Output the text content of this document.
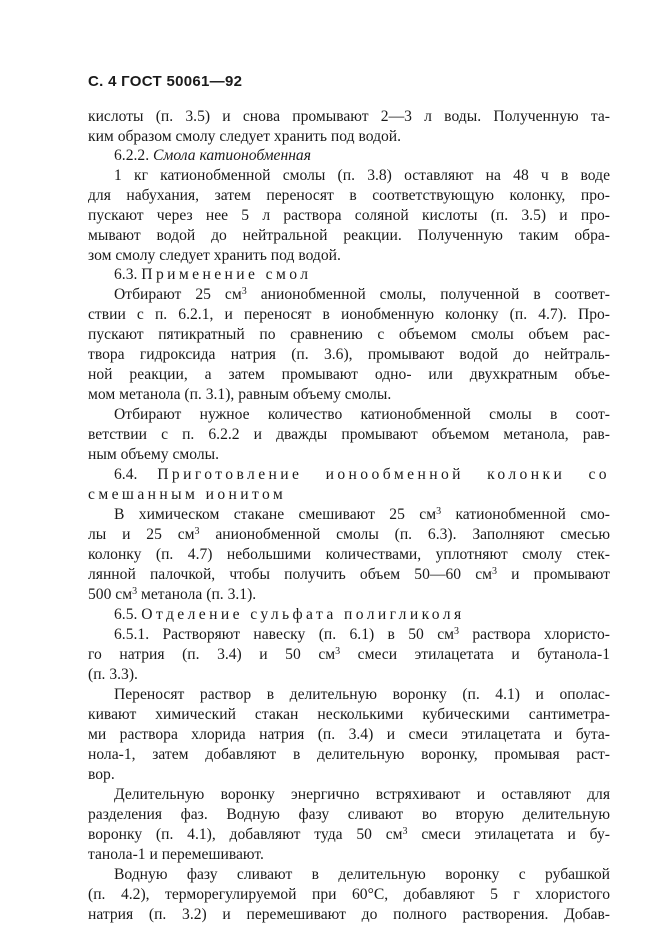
С. 4 ГОСТ 50061—92
кислоты (п. 3.5) и снова промывают 2—3 л воды. Полученную та-
ким образом смолу следует хранить под водой.
6.2.2. Смола катионобменная
1 кг катионобменной смолы (п. 3.8) оставляют на 48 ч в воде
для набухания, затем переносят в соответствующую колонку, про-
пускают через нее 5 л раствора соляной кислоты (п. 3.5) и про-
мывают водой до нейтральной реакции. Полученную таким обра-
зом смолу следует хранить под водой.
6.3. Применение смол
Отбирают 25 $см^3$ анионобменной смолы, полученной в соответ-
ствии с п. 6.2.1, и переносят в ионобменную колонку (п. 4.7). Про-
пускают пятикратный по сравнению с объемом смолы объем рас-
твора гидроксида натрия (п. 3.6), промывают водой до нейтраль-
ной реакции, а затем промывают одно- или двухкратным объе-
мом метанола (п. 3.1), равным объему смолы.
Отбирают нужное количество катионобменной смолы в соот-
ветствии с п. 6.2.2 и дважды промывают объемом метанола, рав-
ным объему смолы.
6.4. Приготовление ионообменной колонки со
смешанным ионитом
В химическом стакане смешивают 25 $см^3$ катионобменной смо-
лы и 25 $см^3$ анионобменной смолы (п. 6.3). Заполняют смесью
колонку (п. 4.7) небольшими количествами, уплотняют смолу стек-
лянной палочкой, чтобы получить объем 50—60 $см^3$ и промывают
500 $см^3$ метанола (п. 3.1).
6.5. Отделение сульфата полигликоля
6.5.1. Растворяют навеску (п. 6.1) в 50 $см^3$ раствора хлористо-
го натрия (п. 3.4) и 50 $см^3$ смеси этилацетата и бутанола-1
(п. 3.3).
Переносят раствор в делительную воронку (п. 4.1) и ополас-
кивают химический стакан несколькими кубическими сантиметра-
ми раствора хлорида натрия (п. 3.4) и смеси этилацетата и бута-
нола-1, затем добавляют в делительную воронку, промывая раст-
вор.
Делительную воронку энергично встряхивают и оставляют для
разделения фаз. Водную фазу сливают во вторую делительную
воронку (п. 4.1), добавляют туда 50 $см^3$ смеси этилацетата и бу-
танола-1 и перемешивают.
Водную фазу сливают в делительную воронку с рубашкой
(п. 4.2), терморегулируемой при 60°С, добавляют 5 г хлористого
натрия (п. 3.2) и перемешивают до полного растворения. Добав-
